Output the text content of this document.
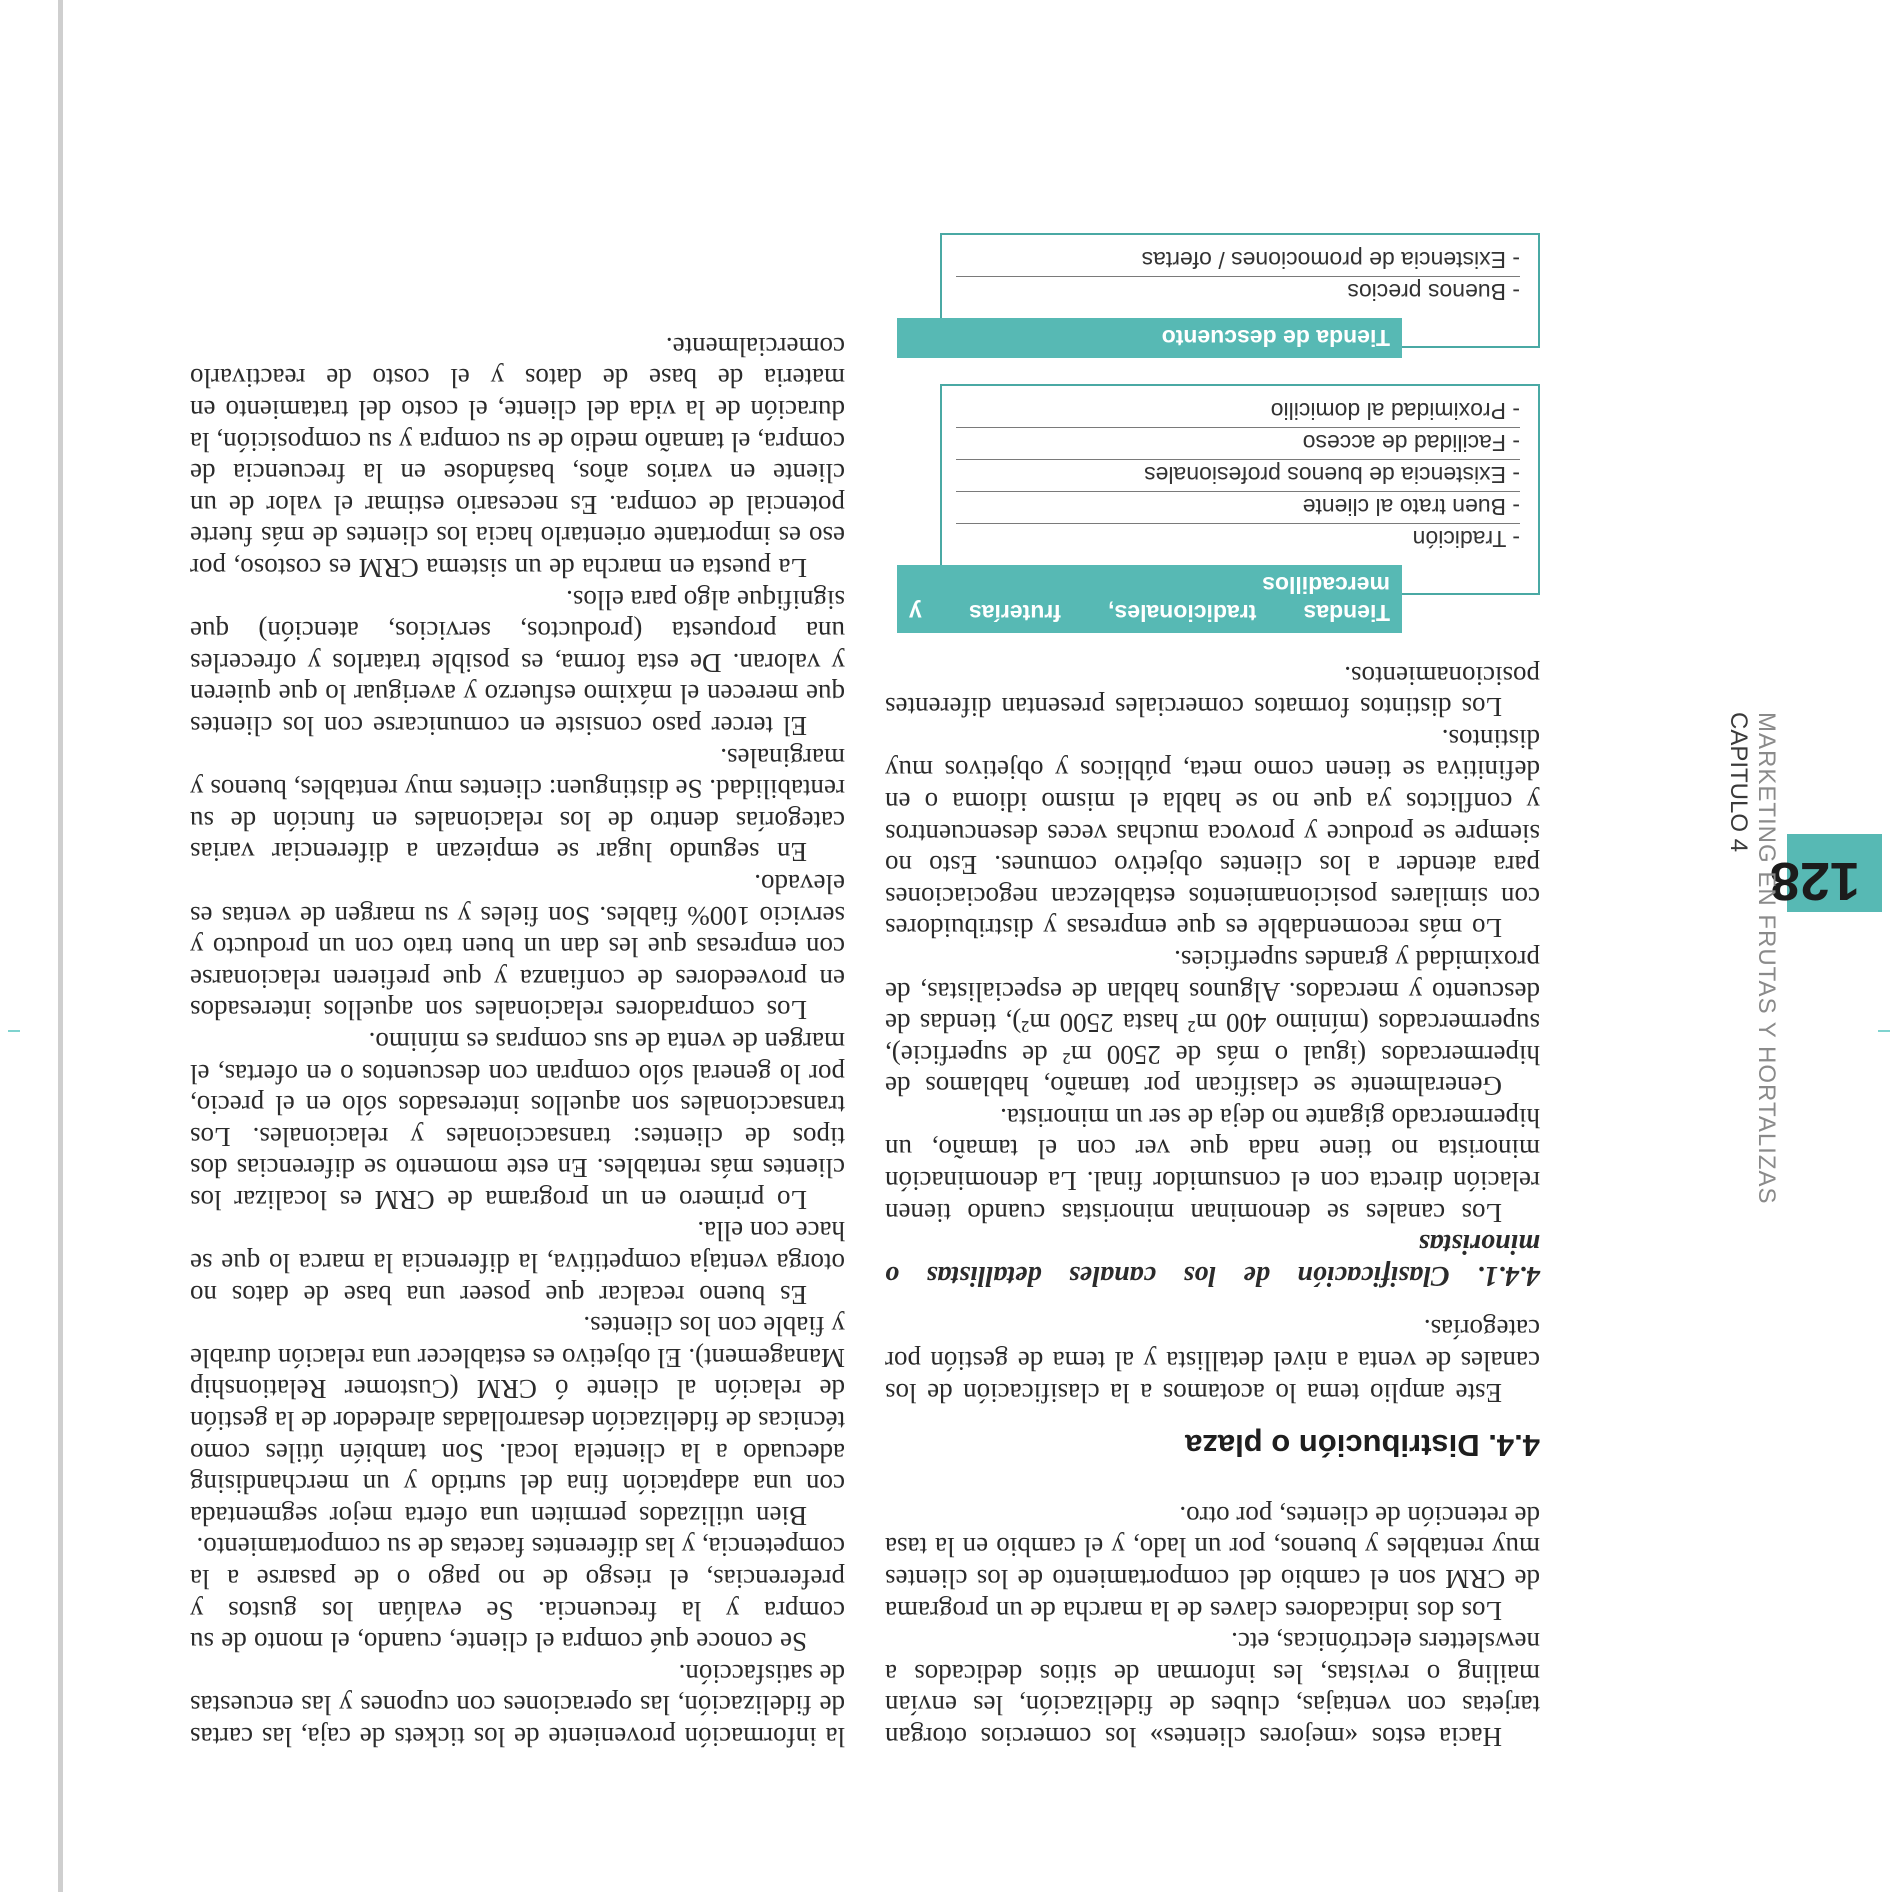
128
MARKETING EN FRUTAS Y HORTALIZAS
CAPITULO 4

la información proveniente de los tickets de caja, las cartas de fidelización, las operaciones con cupones y las encuestas de satisfacción.

Se conoce qué compra el cliente, cuando, el monto de su compra y la frecuencia. Se evalúan los gustos y preferencias, el riesgo de no pago o de pasarse a la competencia, y las diferentes facetas de su comportamiento.

Bien utilizados permiten una oferta mejor segmentada con una adaptación fina del surtido y un merchandising adecuado a la clientela local. Son también útiles como técnicas de fidelización desarrolladas alrededor de la gestión de relación al cliente ó CRM (Customer Relationship Management). El objetivo es establecer una relación durable y fiable con los clientes.

Es bueno recalcar que poseer una base de datos no otorga ventaja competitiva, la diferencia la marca lo que se hace con ella.

Lo primero en un programa de CRM es localizar los clientes más rentables. En este momento se diferencias dos tipos de clientes: transaccionales y relacionales. Los transaccionales son aquellos interesados sólo en el precio, por lo general sólo compran con descuentos o en ofertas, el margen de venta de sus compras es mínimo.

Los compradores relacionales son aquellos interesados en proveedores de confianza y que prefieren relacionarse con empresas que les dan un buen trato con un producto y servicio 100% fiables. Son fieles y su margen de ventas es elevado.

En segundo lugar se empiezan a diferenciar varias categorías dentro de los relacionales en función de su rentabilidad. Se distinguen: clientes muy rentables, buenos y marginales.

El tercer paso consiste en comunicarse con los clientes que merecen el máximo esfuerzo y averiguar lo que quieren y valoran. De esta forma, es posible tratarlos y ofrecerles una propuesta (productos, servicios, atención) que signifique algo para ellos.

La puesta en marcha de un sistema CRM es costoso, por eso es importante orientarlo hacia los clientes de más fuerte potencial de compra. Es necesario estimar el valor de un cliente en varios años, basándose en la frecuencia de compra, el tamaño medio de su compra y su composición, la duración de la vida del cliente, el costo del tratamiento en materia de base de datos y el costo de reactivarlo comercialmente.

Hacia estos «mejores clientes» los comercios otorgan tarjetas con ventajas, clubes de fidelización, les envían mailing o revistas, les informan de sitios dedicados a newsletters electrónicas, etc.

Los dos indicadores claves de la marcha de un programa de CRM son el cambio del comportamiento de los clientes muy rentables y buenos, por un lado, y el cambio en la tasa de retención de clientes, por otro.

4.4. Distribución o plaza

Este amplio tema lo acotamos a la clasificación de los canales de venta a nivel detallista y al tema de gestión por categorías.

4.4.1. Clasificación de los canales detallistas o minoristas

Los canales se denominan minoristas cuando tienen relación directa con el consumidor final. La denominación minorista no tiene nada que ver con el tamaño, un hipermercado gigante no deja de ser un minorista.

Generalmente se clasifican por tamaño, hablamos de hipermercados (igual o más de 2500 m² de superficie), supermercados (mínimo 400 m² hasta 2500 m²), tiendas de descuento y mercados. Algunos hablan de especialistas, de proximidad y grandes superficies.

Lo más recomendable es que empresas y distribuidores con similares posicionamientos establezcan negociaciones para atender a los clientes objetivo comunes. Esto no siempre se produce y provoca muchas veces desencuentros y conflictos ya que no se habla el mismo idioma o en definitiva se tienen como meta, públicos y objetivos muy distintos.

Los distintos formatos comerciales presentan diferentes posicionamientos.

Tiendas tradicionales, fruterías y mercadillos
- Tradición
- Buen trato al cliente
- Existencia de buenos profesionales
- Facilidad de acceso
- Proximidad al domicilio
Tienda de descuento
- Buenos precios
- Existencia de promociones / ofertas
